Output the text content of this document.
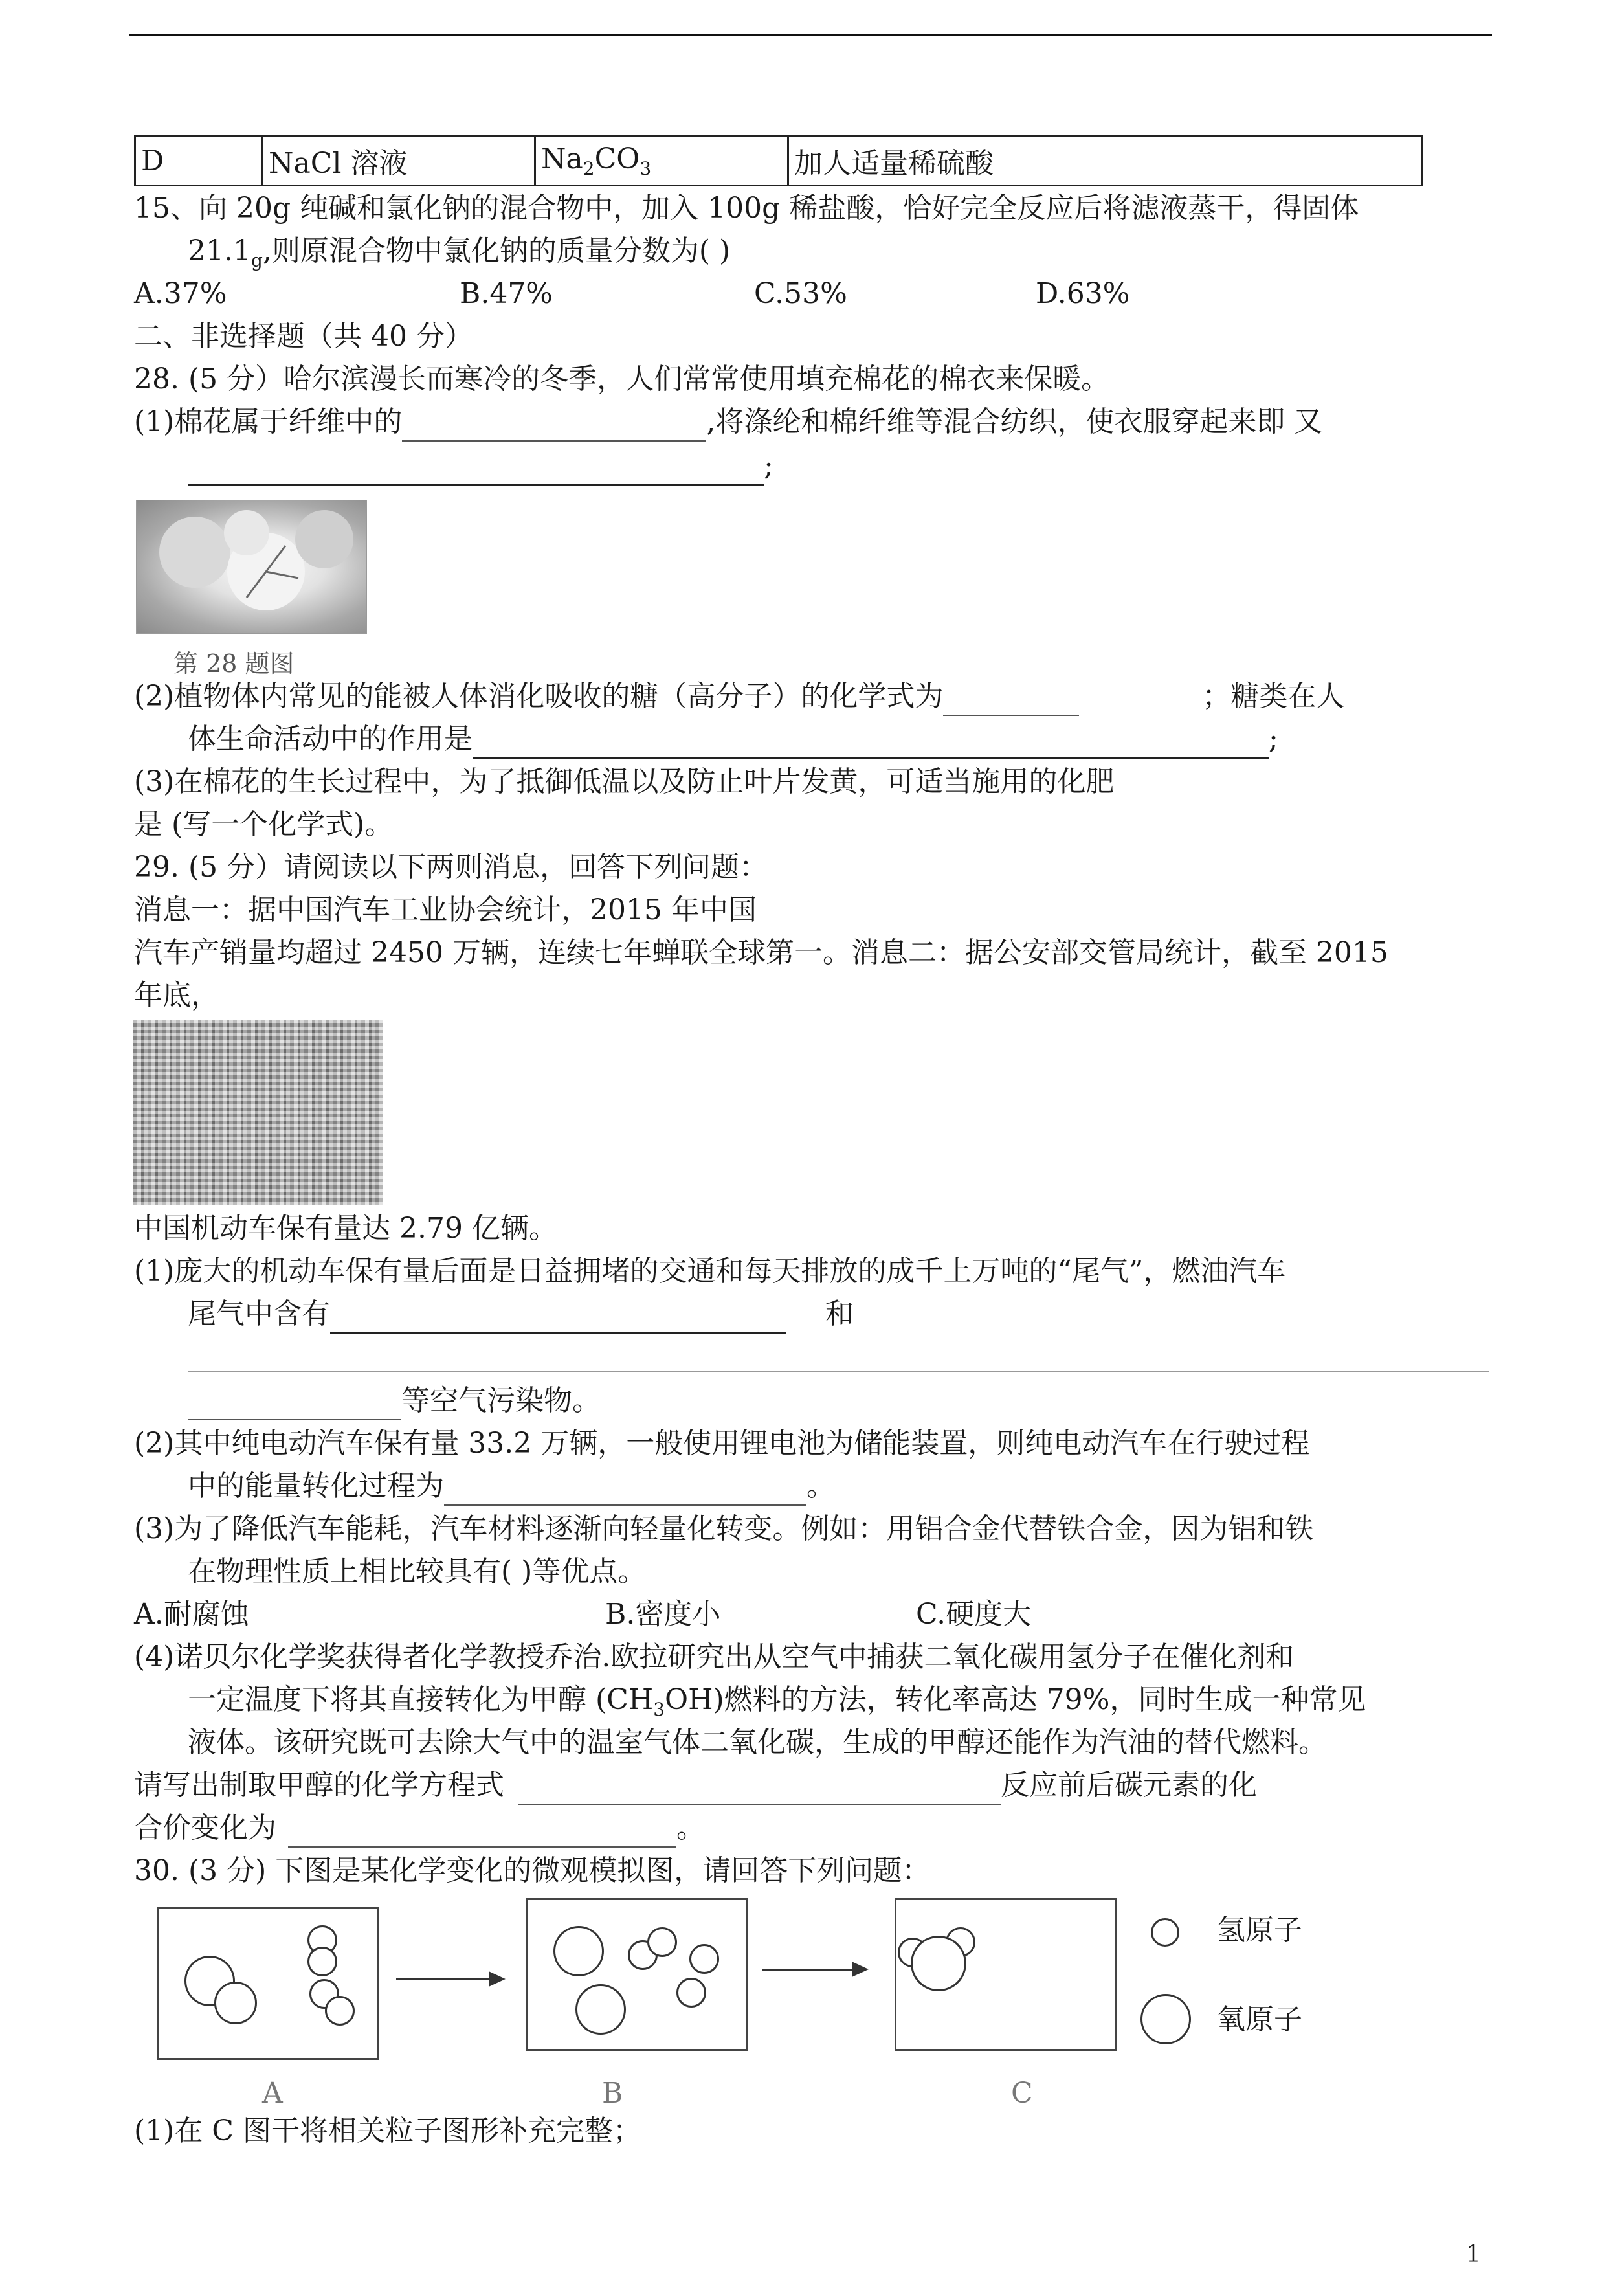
D	NaCl 溶液	$Na_2CO_3$	加人适量稀硫酸
15、向 20g 纯碱和氯化钠的混合物中，加入 100g 稀盐酸，恰好完全反应后将滤液蒸干，得固体
$21.1_g$,则原混合物中氯化钠的质量分数为( )
A.37%	B.47%	C.53%	D.63%
二、非选择题（共 40 分）
28. (5 分）哈尔滨漫长而寒冷的冬季，人们常常使用填充棉花的棉衣来保暖。
(1)棉花属于纤维中的	,将涤纶和棉纤维等混合纺织，使衣服穿起来即 又
;
第 28 题图
(2)植物体内常见的能被人体消化吸收的糖（高分子）的化学式为	；糖类在人
体生命活动中的作用是	;
(3)在棉花的生长过程中，为了抵御低温以及防止叶片发黄，可适当施用的化肥
是 (写一个化学式)。
29. (5 分）请阅读以下两则消息，回答下列问题：
消息一：据中国汽车工业协会统计，2015 年中国
汽车产销量均超过 2450 万辆，连续七年蝉联全球第一。消息二：据公安部交管局统计，截至 2015
年底，
中国机动车保有量达 2.79 亿辆。
(1)庞大的机动车保有量后面是日益拥堵的交通和每天排放的成千上万吨的“尾气”，燃油汽车
尾气中含有	和
等空气污染物。
(2)其中纯电动汽车保有量 33.2 万辆，一般使用锂电池为储能装置，则纯电动汽车在行驶过程
中的能量转化过程为	。
(3)为了降低汽车能耗，汽车材料逐渐向轻量化转变。例如：用铝合金代替铁合金，因为铝和铁
在物理性质上相比较具有( )等优点。
A.耐腐蚀	B.密度小	C.硬度大
(4)诺贝尔化学奖获得者化学教授乔治.欧拉研究出从空气中捕获二氧化碳用氢分子在催化剂和
一定温度下将其直接转化为甲醇 $(CH_3OH)$燃料的方法，转化率高达 79%，同时生成一种常见
液体。该研究既可去除大气中的温室气体二氧化碳，生成的甲醇还能作为汽油的替代燃料。
请写出制取甲醇的化学方程式	反应前后碳元素的化
合价变化为	。
30. (3 分) 下图是某化学变化的微观模拟图，请回答下列问题：
氢原子
氧原子
A	B	C
(1)在 C 图干将相关粒子图形补充完整；
1
